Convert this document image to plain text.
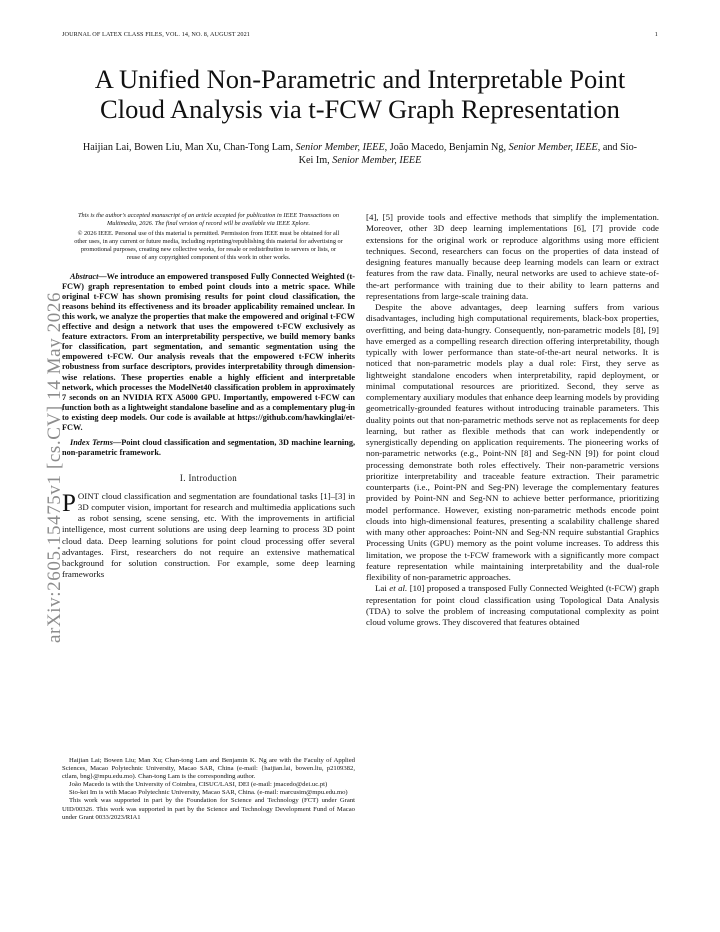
JOURNAL OF LATEX CLASS FILES, VOL. 14, NO. 8, AUGUST 2021	1
arXiv:2605.15475v1 [cs.CV] 14 May 2026
A Unified Non-Parametric and Interpretable Point Cloud Analysis via t-FCW Graph Representation
Haijian Lai, Bowen Liu, Man Xu, Chan-Tong Lam, Senior Member, IEEE, João Macedo, Benjamin Ng, Senior Member, IEEE, and Sio-Kei Im, Senior Member, IEEE
This is the author's accepted manuscript of an article accepted for publication in IEEE Transactions on Multimedia, 2026. The final version of record will be available via IEEE Xplore.
© 2026 IEEE. Personal use of this material is permitted. Permission from IEEE must be obtained for all other uses, in any current or future media, including reprinting/republishing this material for advertising or promotional purposes, creating new collective works, for resale or redistribution to servers or lists, or reuse of any copyrighted component of this work in other works.
Abstract—We introduce an empowered transposed Fully Connected Weighted (t-FCW) graph representation to embed point clouds into a metric space. While original t-FCW has shown promising results for point cloud classification, the reasons behind its effectiveness and its broader applicability remained unclear. In this work, we analyze the properties that make the empowered and original t-FCW effective and design a network that uses the empowered t-FCW exclusively as feature extractors. From an interpretability perspective, we build memory banks for classification, part segmentation, and semantic segmentation using the empowered t-FCW. Our analysis reveals that the empowered t-FCW inherits robustness from surface descriptors, provides interpretability through dimension-wise relations. These properties enable a highly efficient and interpretable network, which processes the ModelNet40 classification problem in approximately 7 seconds on an NVIDIA RTX A5000 GPU. Importantly, empowered t-FCW can function both as a lightweight standalone baseline and as a complementary plug-in to existing deep models. Our code is available at https://github.com/hawkinglai/et-FCW.
Index Terms—Point cloud classification and segmentation, 3D machine learning, non-parametric framework.
I. Introduction

POINT cloud classification and segmentation are foundational tasks [1]–[3] in 3D computer vision, important for research and multimedia applications such as robot sensing, scene sensing, etc. With the improvements in artificial intelligence, most current solutions are using deep learning to process 3D point cloud data. Deep learning solutions for point cloud processing offer several advantages. First, researchers do not require an extensive mathematical background for solution construction. For example, some deep learning frameworks

Haijian Lai; Bowen Liu; Man Xu; Chan-tong Lam and Benjamin K. Ng are with the Faculty of Applied Sciences, Macao Polytechnic University, Macao SAR, China (e-mail: {haijian.lai, bowen.liu, p2109382, ctlam, bng}@mpu.edu.mo). Chan-tong Lam is the corresponding author.

João Macedo is with the University of Coimbra, CISUC/LASI, DEI (e-mail: jmacedo@dei.uc.pt)

Sio-kei Im is with Macao Polytechnic University, Macao SAR, China. (e-mail: marcusim@mpu.edu.mo)

This work was supported in part by the Foundation for Science and Technology (FCT) under Grant UID/00326. This work was supported in part by the Science and Technology Development Fund of Macao under Grant 0033/2023/RIA1

[4], [5] provide tools and effective methods that simplify the implementation. Moreover, other 3D deep learning implementations [6], [7] provide code extensions for the original work or reproduce algorithms using more efficient techniques. Second, researchers can focus on the properties of data instead of designing features manually because deep learning models can learn or extract features from the raw data. Finally, neural networks are used to achieve state-of-the-art performance with training due to their ability to learn patterns and representations from large-scale training data.

Despite the above advantages, deep learning suffers from various disadvantages, including high computational requirements, black-box properties, overfitting, and being data-hungry. Consequently, non-parametric models [8], [9] have emerged as a compelling research direction offering interpretability, though typically with lower performance than state-of-the-art neural networks. It is noticed that non-parametric models play a dual role: First, they serve as lightweight standalone encoders when interpretability, rapid deployment, or minimal computational resources are prioritized. Second, they serve as complementary auxiliary modules that enhance deep learning models by providing geometrically-grounded features without introducing trainable parameters. This duality points out that non-parametric methods serve not as replacements for deep learning, but rather as flexible methods that can work independently or synergistically depending on application requirements. The pioneering works of non-parametric networks (e.g., Point-NN [8] and Seg-NN [9]) for point cloud processing demonstrate both roles effectively. Their non-parametric versions prioritize interpretability and traceable feature extraction. Their parametric counterparts (i.e., Point-PN and Seg-PN) leverage the complementary features provided by Point-NN and Seg-NN to achieve better performance, prioritizing model performance. However, existing non-parametric methods encode point clouds into high-dimensional features, presenting a scalability challenge shared with many other approaches: Point-NN and Seg-NN require substantial Graphics Processing Units (GPU) memory as the point volume increases. To address this limitation, we propose the t-FCW framework with a significantly more compact feature representation while maintaining interpretability and the dual-role flexibility of non-parametric approaches.

Lai et al. [10] proposed a transposed Fully Connected Weighted (t-FCW) graph representation for point cloud classification using Topological Data Analysis (TDA) to solve the problem of increasing computational complexity as point cloud volume grows. They discovered that features obtained
